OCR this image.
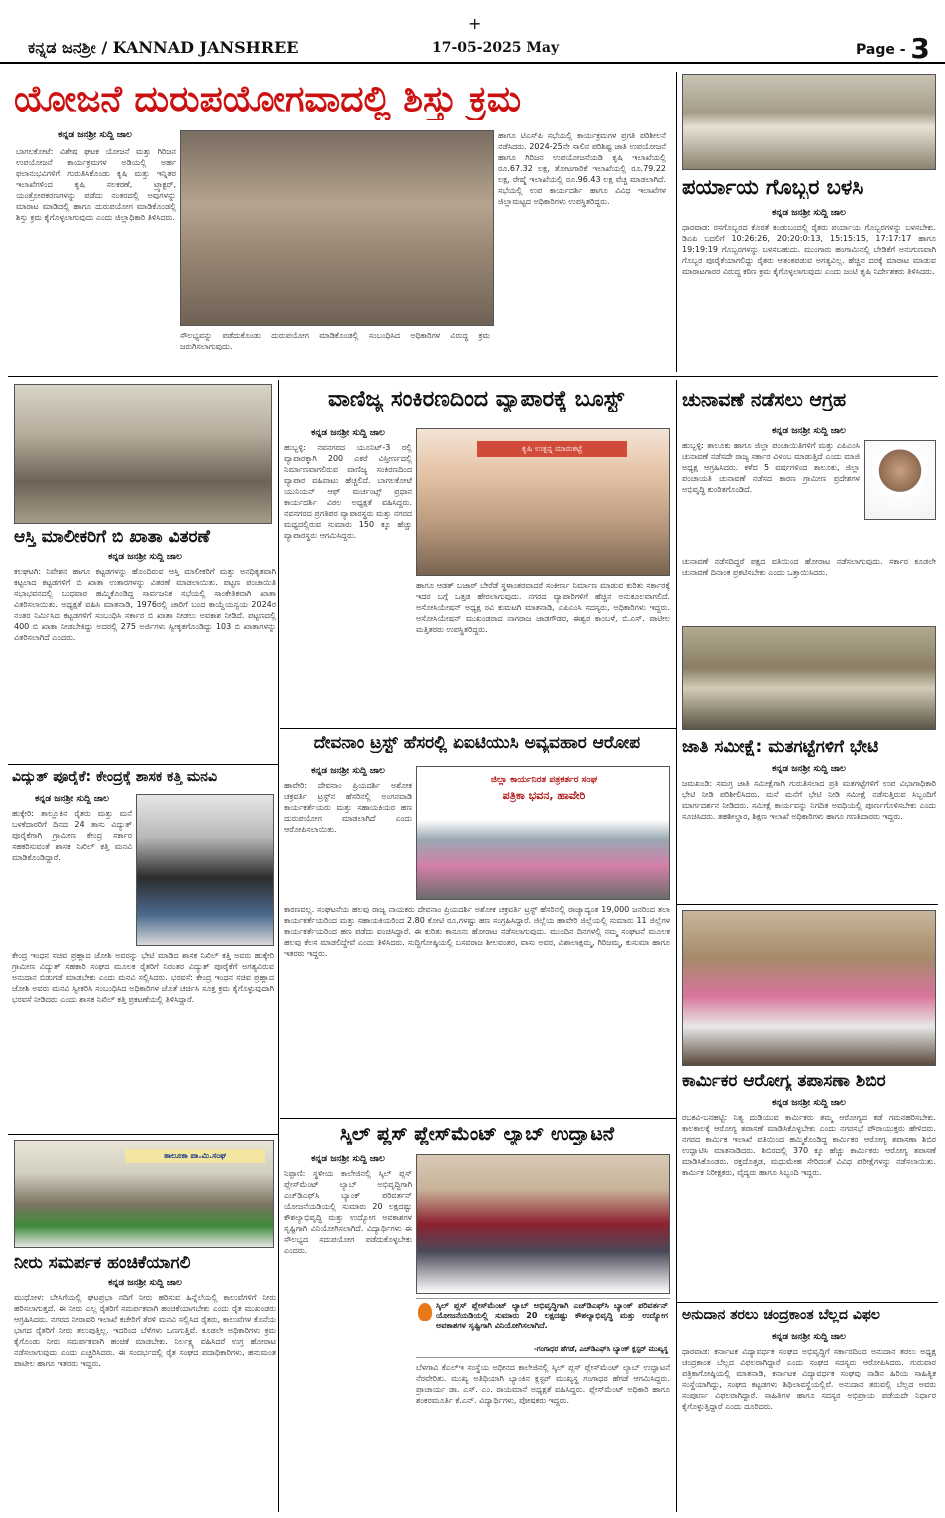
+
ಕನ್ನಡ ಜನಶ್ರೀ / KANNAD JANSHREE	17-05-2025 May	Page - 3
ಯೋಜನೆ ದುರುಪಯೋಗವಾದಲ್ಲಿ ಶಿಸ್ತು ಕ್ರಮ
ಕನ್ನಡ ಜನಶ್ರೀ ಸುದ್ದಿ ಜಾಲ
ಬಾಗಲಕೋಟೆ: ವಿಶೇಷ ಘಟಕ ಯೋಜನೆ ಮತ್ತು ಗಿರಿಜನ ಉಪಯೋಜನೆ ಕಾರ್ಯಕ್ರಮಗಳ ಅಡಿಯಲ್ಲಿ ಅರ್ಹ ಫಲಾನುಭವಿಗಳಿಗೆ ಗುರುತಿಸಿಕೊಂಡು ಕೃಷಿ ಮತ್ತು ಇನ್ನಿತರ ಇಲಾಖೆಗಳಿಂದ ಕೃಷಿ ಸಲಕರಣೆ, ಟ್ರ್ಯಾಕ್ಟರ್, ಯಂತ್ರೋಪಕರಣಗಳನ್ನು ಪಡೆದು ನಂತರದಲ್ಲಿ ಅವುಗಳನ್ನು ಮಾರಾಟ ಮಾಡಿದಲ್ಲಿ ಹಾಗೂ ದುರುಪಯೋಗ ಮಾಡಿಕೊಂಡಲ್ಲಿ ಶಿಸ್ತು ಕ್ರಮ ಕೈಗೊಳ್ಳಲಾಗುವುದು ಎಂದು ಜಿಲ್ಲಾಧಿಕಾರಿ ತಿಳಿಸಿದರು.
ಸೌಲಭ್ಯವನ್ನು ಪಡೆದುಕೊಂಡು ದುರುಪಯೋಗ ಮಾಡಿಕೊಂಡಲ್ಲಿ ಸಂಬಂಧಿಸಿದ ಅಧಿಕಾರಿಗಳ ವಿರುದ್ಧ ಕ್ರಮ ಜರುಗಿಸಲಾಗುವುದು.
ಹಾಗೂ ಟಿಎಸ್‌ಪಿ ಸಭೆಯಲ್ಲಿ ಕಾರ್ಯಕ್ರಮಗಳ ಪ್ರಗತಿ ಪರಿಶೀಲನೆ ನಡೆಸಿದರು. 2024-25ನೇ ಸಾಲಿನ ಪರಿಶಿಷ್ಟ ಜಾತಿ ಉಪಯೋಜನೆ ಹಾಗೂ ಗಿರಿಜನ ಉಪಯೋಜನೆಯಡಿ ಕೃಷಿ ಇಲಾಖೆಯಲ್ಲಿ ರೂ.67.32 ಲಕ್ಷ, ತೋಟಗಾರಿಕೆ ಇಲಾಖೆಯಲ್ಲಿ ರೂ.79.22 ಲಕ್ಷ, ರೇಷ್ಮೆ ಇಲಾಖೆಯಲ್ಲಿ ರೂ.96.43 ಲಕ್ಷ ವೆಚ್ಚ ಮಾಡಲಾಗಿದೆ. ಸಭೆಯಲ್ಲಿ ಉಪ ಕಾರ್ಯದರ್ಶಿ ಹಾಗೂ ವಿವಿಧ ಇಲಾಖೆಗಳ ಜಿಲ್ಲಾಮಟ್ಟದ ಅಧಿಕಾರಿಗಳು ಉಪಸ್ಥಿತರಿದ್ದರು.
ಪರ್ಯಾಯ ಗೊಬ್ಬರ ಬಳಸಿ
ಕನ್ನಡ ಜನಶ್ರೀ ಸುದ್ದಿ ಜಾಲ
ಧಾರವಾಡ: ರಸಗೊಬ್ಬರದ ಕೊರತೆ ಕಂಡುಬಂದಲ್ಲಿ ರೈತರು ಪರ್ಯಾಯ ಗೊಬ್ಬರಗಳನ್ನು ಬಳಸಬೇಕು. ಡಿಎಪಿ ಬದಲಿಗೆ 10:26:26, 20:20:0:13, 15:15:15, 17:17:17 ಹಾಗೂ 19:19:19 ಗೊಬ್ಬರಗಳನ್ನು ಬಳಸಬಹುದು. ಮುಂಗಾರು ಹಂಗಾಮಿನಲ್ಲಿ ಬೇಡಿಕೆಗೆ ಅನುಗುಣವಾಗಿ ಗೊಬ್ಬರ ಪೂರೈಕೆಯಾಗಲಿದ್ದು ರೈತರು ಆತಂಕಪಡುವ ಅಗತ್ಯವಿಲ್ಲ. ಹೆಚ್ಚಿನ ದರಕ್ಕೆ ಮಾರಾಟ ಮಾಡುವ ಮಾರಾಟಗಾರರ ವಿರುದ್ಧ ಕಠಿಣ ಕ್ರಮ ಕೈಗೊಳ್ಳಲಾಗುವುದು ಎಂದು ಜಂಟಿ ಕೃಷಿ ನಿರ್ದೇಶಕರು ತಿಳಿಸಿದರು.
ಆಸ್ತಿ ಮಾಲೀಕರಿಗೆ ಬಿ ಖಾತಾ ವಿತರಣೆ
ಕನ್ನಡ ಜನಶ್ರೀ ಸುದ್ದಿ ಜಾಲ
ಕಲಘಟಗಿ: ನಿವೇಶನ ಹಾಗೂ ಕಟ್ಟಡಗಳನ್ನು ಹೊಂದಿರುವ ಆಸ್ತಿ ಮಾಲೀಕರಿಗೆ ಮತ್ತು ಅನಧಿಕೃತವಾಗಿ ಕಟ್ಟಲಾದ ಕಟ್ಟಡಗಳಿಗೆ ಬಿ ಖಾತಾ ಉತಾರಗಳನ್ನು ವಿತರಣೆ ಮಾಡಲಾಯಿತು. ಪಟ್ಟಣ ಪಂಚಾಯಿತಿ ಸಭಾಭವನದಲ್ಲಿ ಬುಧವಾರ ಹಮ್ಮಿಕೊಂಡಿದ್ದ ಸಾರ್ವಜನಿಕ ಸಭೆಯಲ್ಲಿ ಸಾಂಕೇತಿಕವಾಗಿ ಖಾತಾ ವಿತರಿಸಲಾಯಿತು. ಅಧ್ಯಕ್ಷತೆ ವಹಿಸಿ ಮಾತನಾಡಿ, 1976ರಲ್ಲಿ ಜಾರಿಗೆ ಬಂದ ಕಾಯ್ದೆಯನ್ವಯ 2024ರ ನಂತರ ನಿರ್ಮಿಸಿದ ಕಟ್ಟಡಗಳಿಗೆ ಸಂಬಂಧಿಸಿ ಸರ್ಕಾರ ಬಿ ಖಾತಾ ನೀಡಲು ಅವಕಾಶ ನೀಡಿದೆ. ಪಟ್ಟಣದಲ್ಲಿ 400 ಬಿ ಖಾತಾ ನೀಡಬೇಕಿದ್ದು ಅದರಲ್ಲಿ 275 ಅರ್ಜಿಗಳು ಸ್ವೀಕೃತಗೊಂಡಿದ್ದು 103 ಬಿ ಖಾತಾಗಳನ್ನು ವಿತರಿಸಲಾಗಿದೆ ಎಂದರು.
ವಾಣಿಜ್ಯ ಸಂಕಿರಣದಿಂದ ವ್ಯಾಪಾರಕ್ಕೆ ಬೂಸ್ಟ್
ಕನ್ನಡ ಜನಶ್ರೀ ಸುದ್ದಿ ಜಾಲ
ಹುಬ್ಬಳ್ಳಿ: ನವನಗರದ ಯೂನಿಟ್-3 ರಲ್ಲಿ ವ್ಯಾಪಾರಕ್ಕಾಗಿ 200 ಎಕರೆ ವಿಸ್ತೀರ್ಣದಲ್ಲಿ ನಿರ್ಮಾಣವಾಗಲಿರುವ ವಾಣಿಜ್ಯ ಸಂಕಿರಣದಿಂದ ವ್ಯಾಪಾರ ವಹಿವಾಟು ಹೆಚ್ಚಲಿದೆ. ಬಾಗಲಕೋಟೆ ಯುನಿಯನ್ ಆಫ್ ಮರ್ಚಂಟ್ಸ್ ಪ್ರಧಾನ ಕಾರ್ಯದರ್ಶಿ ವಿಠಲ ಅಧ್ಯಕ್ಷತೆ ವಹಿಸಿದ್ದರು. ನವನಗರದ ಪ್ರಗತಿಪರ ವ್ಯಾಪಾರಸ್ಥರು ಮತ್ತು ನಗರದ ಮಧ್ಯದಲ್ಲಿರುವ ಸುಮಾರು 150 ಕ್ಕೂ ಹೆಚ್ಚು ವ್ಯಾಪಾರಸ್ಥರು ಆಗಮಿಸಿದ್ದರು.
ಕೃಷಿ ಉತ್ಪನ್ನ ಮಾರುಕಟ್ಟೆ
ಹಾಗೂ ಆಡತ್ ಬಜಾರ್ ಬೇರೆಡೆ ಸ್ಥಳಾಂತರವಾದರೆ ಸಂಕೀರ್ಣ ನಿರ್ಮಾಣ ಮಾಡುವ ಕುರಿತು ಸರ್ಕಾರಕ್ಕೆ ಇದರ ಬಗ್ಗೆ ಒತ್ತಡ ಹೇರಲಾಗುವುದು. ನಗರದ ವ್ಯಾಪಾರಿಗಳಿಗೆ ಹೆಚ್ಚಿನ ಅನುಕೂಲವಾಗಲಿದೆ. ಅಸೋಸಿಯೇಷನ್ ಅಧ್ಯಕ್ಷ ರವಿ ಕುಮಟಗಿ ಮಾತನಾಡಿ, ಎಪಿಎಂಸಿ ಸದಸ್ಯರು, ಅಧಿಕಾರಿಗಳು ಇದ್ದರು. ಅಸೋಸಿಯೇಷನ್ ಮುಖಂಡರಾದ ನಾಗರಾಜ ಜಾಡಗೌಡರ, ಈಶ್ವರ ಕಾಂಬಳೆ, ಬಿ.ಎಸ್. ಪಾಟೀಲ ಮತ್ತಿತರರು ಉಪಸ್ಥಿತರಿದ್ದರು.
ಚುನಾವಣೆ ನಡೆಸಲು ಆಗ್ರಹ
ಕನ್ನಡ ಜನಶ್ರೀ ಸುದ್ದಿ ಜಾಲ
ಹುಬ್ಬಳ್ಳಿ: ತಾಲೂಕು ಹಾಗೂ ಜಿಲ್ಲಾ ಪಂಚಾಯಿತಿಗಳಿಗೆ ಮತ್ತು ಎಪಿಎಂಸಿ ಚುನಾವಣೆ ನಡೆಸದೇ ರಾಜ್ಯ ಸರ್ಕಾರ ವಿಳಂಬ ಮಾಡುತ್ತಿದೆ ಎಂದು ಮಾಜಿ ಅಧ್ಯಕ್ಷ ಆಗ್ರಹಿಸಿದರು. ಕಳೆದ 5 ವರ್ಷಗಳಿಂದ ತಾಲೂಕು, ಜಿಲ್ಲಾ ಪಂಚಾಯತಿ ಚುನಾವಣೆ ನಡೆಸದ ಕಾರಣ ಗ್ರಾಮೀಣ ಪ್ರದೇಶಗಳ ಅಭಿವೃದ್ಧಿ ಕುಂಠಿತಗೊಂಡಿದೆ.
ಚುನಾವಣೆ ನಡೆಸದಿದ್ದರೆ ಪಕ್ಷದ ವತಿಯಿಂದ ಹೋರಾಟ ನಡೆಸಲಾಗುವುದು. ಸರ್ಕಾರ ಕೂಡಲೇ ಚುನಾವಣೆ ದಿನಾಂಕ ಪ್ರಕಟಿಸಬೇಕು ಎಂದು ಒತ್ತಾಯಿಸಿದರು.
ಜಾತಿ ಸಮೀಕ್ಷೆ: ಮತಗಟ್ಟೆಗಳಿಗೆ ಭೇಟಿ
ಕನ್ನಡ ಜನಶ್ರೀ ಸುದ್ದಿ ಜಾಲ
ಜಮಖಂಡಿ: ಸಮಗ್ರ ಜಾತಿ ಸಮೀಕ್ಷೆಗಾಗಿ ಗುರುತಿಸಲಾದ ಪ್ರತಿ ಮತಗಟ್ಟೆಗಳಿಗೆ ಉಪ ವಿಭಾಗಾಧಿಕಾರಿ ಭೇಟಿ ನೀಡಿ ಪರಿಶೀಲಿಸಿದರು. ಮನೆ ಮನೆಗೆ ಭೇಟಿ ನೀಡಿ ಸಮೀಕ್ಷೆ ನಡೆಸುತ್ತಿರುವ ಸಿಬ್ಬಂದಿಗೆ ಮಾರ್ಗದರ್ಶನ ನೀಡಿದರು. ಸಮೀಕ್ಷೆ ಕಾರ್ಯವನ್ನು ನಿಗದಿತ ಅವಧಿಯಲ್ಲಿ ಪೂರ್ಣಗೊಳಿಸಬೇಕು ಎಂದು ಸೂಚಿಸಿದರು. ತಹಶೀಲ್ದಾರ, ಶಿಕ್ಷಣ ಇಲಾಖೆ ಅಧಿಕಾರಿಗಳು ಹಾಗೂ ಗಣತಿದಾರರು ಇದ್ದರು.
ವಿದ್ಯುತ್ ಪೂರೈಕೆ: ಕೇಂದ್ರಕ್ಕೆ ಶಾಸಕ ಕತ್ತಿ ಮನವಿ
ಕನ್ನಡ ಜನಶ್ರೀ ಸುದ್ದಿ ಜಾಲ
ಹುಕ್ಕೇರಿ: ತಾಲ್ಲೂಕಿನ ರೈತರು ಮತ್ತು ಮನೆ ಬಳಕೆದಾರರಿಗೆ ದಿನದ 24 ತಾಸು ವಿದ್ಯುತ್ ಪೂರೈಕೆಗಾಗಿ ಗ್ರಾಮೀಣ ಕೇಂದ್ರ ಸರ್ಕಾರ ಸಹಕರಿಸುವಂತೆ ಶಾಸಕ ನಿಖಿಲ್ ಕತ್ತಿ ಮನವಿ ಮಾಡಿಕೊಂಡಿದ್ದಾರೆ.
ಕೇಂದ್ರ ಇಂಧನ ಸಚಿವ ಪ್ರಹ್ಲಾದ ಜೋಶಿ ಅವರನ್ನು ಭೇಟಿ ಮಾಡಿದ ಶಾಸಕ ನಿಖಿಲ್ ಕತ್ತಿ ಅವರು ಹುಕ್ಕೇರಿ ಗ್ರಾಮೀಣ ವಿದ್ಯುತ್ ಸಹಕಾರಿ ಸಂಘದ ಮೂಲಕ ರೈತರಿಗೆ ನಿರಂತರ ವಿದ್ಯುತ್ ಪೂರೈಕೆಗೆ ಅಗತ್ಯವಿರುವ ಅನುದಾನ ಬಿಡುಗಡೆ ಮಾಡಬೇಕು ಎಂದು ಮನವಿ ಸಲ್ಲಿಸಿದರು. ಭರವಸೆ: ಕೇಂದ್ರ ಇಂಧನ ಸಚಿವ ಪ್ರಹ್ಲಾದ ಜೋಶಿ ಅವರು ಮನವಿ ಸ್ವೀಕರಿಸಿ ಸಂಬಂಧಿಸಿದ ಅಧಿಕಾರಿಗಳ ಜೊತೆ ಚರ್ಚಿಸಿ ಸೂಕ್ತ ಕ್ರಮ ಕೈಗೊಳ್ಳುವುದಾಗಿ ಭರವಸೆ ನೀಡಿದರು ಎಂದು ಶಾಸಕ ನಿಖಿಲ್ ಕತ್ತಿ ಪ್ರಕಟಣೆಯಲ್ಲಿ ತಿಳಿಸಿದ್ದಾರೆ.
ದೇವನಾಂ ಟ್ರಸ್ಟ್ ಹೆಸರಲ್ಲಿ ಏಐಟಿಯುಸಿ ಅವ್ಯವಹಾರ ಆರೋಪ
ಕನ್ನಡ ಜನಶ್ರೀ ಸುದ್ದಿ ಜಾಲ
ಹಾವೇರಿ: ದೇವನಾಂ ಪ್ರಿಯದರ್ಶಿ ಅಶೋಕ ಚಕ್ರವರ್ತಿ ಟ್ರಸ್ಟ್‌ನ ಹೆಸರಿನಲ್ಲಿ ಅಂಗನವಾಡಿ ಕಾರ್ಯಕರ್ತೆಯರು ಮತ್ತು ಸಹಾಯಕಿಯರ ಹಣ ದುರುಪಯೋಗ ಮಾಡಲಾಗಿದೆ ಎಂದು ಆರೋಪಿಸಲಾಯಿತು.
ಜಿಲ್ಲಾ ಕಾರ್ಯನಿರತ ಪತ್ರಕರ್ತರ ಸಂಘ
ಪತ್ರಿಕಾ ಭವನ, ಹಾವೇರಿ
ಕಾರಣವಲ್ಲ. ಸಂಘಟನೆಯ ಹಲವು ರಾಜ್ಯ ನಾಯಕರು ದೇವನಾಂ ಪ್ರಿಯದರ್ಶಿ ಅಶೋಕ ಚಕ್ರವರ್ತಿ ಟ್ರಸ್ಟ್ ಹೆಸರಿನಲ್ಲಿ ರಾಜ್ಯಾದ್ಯಂತ 19,000 ಜನರಿಂದ ತಲಾ ಕಾರ್ಯಕರ್ತೆಯರಿಂದ ಮತ್ತು ಸಹಾಯಕಿಯರಿಂದ 2.80 ಕೋಟಿ ರೂ.ಗಳಷ್ಟು ಹಣ ಸಂಗ್ರಹಿಸಿದ್ದಾರೆ. ಜಿಲ್ಲೆಯ ಹಾವೇರಿ ಜಿಲ್ಲೆಯಲ್ಲಿ ಸುಮಾರು 11 ಜಿಲ್ಲೆಗಳ ಕಾರ್ಯಕರ್ತೆಯರಿಂದ ಹಣ ಪಡೆದು ವಂಚಿಸಿದ್ದಾರೆ. ಈ ಕುರಿತು ಕಾನೂನು ಹೋರಾಟ ನಡೆಸಲಾಗುವುದು. ಮುಂದಿನ ದಿನಗಳಲ್ಲಿ ನಮ್ಮ ಸಂಘಟನೆ ಮೂಲಕ ಹಲವು ಕೆಲಸ ಮಾಡಲಿದ್ದೇವೆ ಎಂದು ತಿಳಿಸಿದರು. ಸುದ್ದಿಗೋಷ್ಠಿಯಲ್ಲಿ ಬಸವರಾಜ ಶೀಲವಂತರ, ವಾಸು ಅವರ, ವಿಶಾಲಾಕ್ಷಮ್ಮ, ಗಿರಿಜಮ್ಮ, ಕುಸುಮಾ ಹಾಗೂ ಇತರರು ಇದ್ದರು.
ಸ್ಕಿಲ್ ಪ್ಲಸ್ ಪ್ಲೇಸ್‌ಮೆಂಟ್ ಲ್ಯಾಬ್ ಉದ್ಘಾಟನೆ
ಕನ್ನಡ ಜನಶ್ರೀ ಸುದ್ದಿ ಜಾಲ
ನಿಪ್ಪಾಣಿ: ಸ್ಥಳೀಯ ಕಾಲೇಜಿನಲ್ಲಿ ಸ್ಕಿಲ್ ಪ್ಲಸ್ ಪ್ಲೇಸ್‌ಮೆಂಟ್ ಲ್ಯಾಬ್ ಅಭಿವೃದ್ಧಿಗಾಗಿ ಎಚ್‌ಡಿಎಫ್‌ಸಿ ಬ್ಯಾಂಕ್ ಪರಿವರ್ತನ್ ಯೋಜನೆಯಡಿಯಲ್ಲಿ ಸುಮಾರು 20 ಲಕ್ಷದಷ್ಟು ಕೌಶಲ್ಯಾಭಿವೃದ್ಧಿ ಮತ್ತು ಉದ್ಯೋಗ ಅವಕಾಶಗಳ ಸೃಷ್ಟಿಗಾಗಿ ವಿನಿಯೋಗಿಸಲಾಗಿದೆ. ವಿದ್ಯಾರ್ಥಿಗಳು ಈ ಸೌಲಭ್ಯದ ಸದುಪಯೋಗ ಪಡೆದುಕೊಳ್ಳಬೇಕು ಎಂದರು.
ಸ್ಕಿಲ್ ಪ್ಲಸ್ ಪ್ಲೇಸ್‌ಮೆಂಟ್ ಲ್ಯಾಬ್ ಅಭಿವೃದ್ಧಿಗಾಗಿ ಎಚ್‌ಡಿಎಫ್‌ಸಿ ಬ್ಯಾಂಕ್ ಪರಿವರ್ತನ್ ಯೋಜನೆಯಡಿಯಲ್ಲಿ ಸುಮಾರು 20 ಲಕ್ಷದಷ್ಟು ಕೌಶಲ್ಯಾಭಿವೃದ್ಧಿ ಮತ್ತು ಉದ್ಯೋಗ ಅವಕಾಶಗಳ ಸೃಷ್ಟಿಗಾಗಿ ವಿನಿಯೋಗಿಸಲಾಗಿದೆ.
-ಗಂಗಾಧರ ಹೆಗಡೆ, ಎಚ್‌ಡಿಎಫ್‌ಸಿ ಬ್ಯಾಂಕ್ ಕ್ಲಸ್ಟರ್ ಮುಖ್ಯಸ್ಥ
ಬೆಳಗಾವಿ ಕೆಎಲ್‌ಇ ಸಂಸ್ಥೆಯ ಅಧೀನದ ಕಾಲೇಜಿನಲ್ಲಿ ಸ್ಕಿಲ್ ಪ್ಲಸ್ ಪ್ಲೇಸ್‌ಮೆಂಟ್ ಲ್ಯಾಬ್ ಉದ್ಘಾಟನೆ ನೆರವೇರಿತು. ಮುಖ್ಯ ಅತಿಥಿಯಾಗಿ ಬ್ಯಾಂಕಿನ ಕ್ಲಸ್ಟರ್ ಮುಖ್ಯಸ್ಥ ಗಂಗಾಧರ ಹೆಗಡೆ ಆಗಮಿಸಿದ್ದರು. ಪ್ರಾಚಾರ್ಯ ಡಾ. ಎಸ್. ಎಂ. ರಾಯಮಾನೆ ಅಧ್ಯಕ್ಷತೆ ವಹಿಸಿದ್ದರು. ಪ್ಲೇಸ್‌ಮೆಂಟ್ ಅಧಿಕಾರಿ ಹಾಗೂ ಶಂಕರಮೂರ್ತಿ ಕೆ.ಎನ್. ವಿದ್ಯಾರ್ಥಿಗಳು, ಪೋಷಕರು ಇದ್ದರು.
ತಾಲೂಕಾ ಪಾ.ಮಿ.ಸಂಘ
ನೀರು ಸಮರ್ಪಕ ಹಂಚಿಕೆಯಾಗಲಿ
ಕನ್ನಡ ಜನಶ್ರೀ ಸುದ್ದಿ ಜಾಲ
ಮುಧೋಳ: ಬೇಸಿಗೆಯಲ್ಲಿ ಘಟಪ್ರಭಾ ನದಿಗೆ ನೀರು ಹರಿಸುವ ಹಿನ್ನೆಲೆಯಲ್ಲಿ ಕಾಲುವೆಗಳಿಗೆ ನೀರು ಹರಿಸಲಾಗುತ್ತದೆ. ಈ ನೀರು ಎಲ್ಲ ರೈತರಿಗೆ ಸಮರ್ಪಕವಾಗಿ ಹಂಚಿಕೆಯಾಗಬೇಕು ಎಂದು ರೈತ ಮುಖಂಡರು ಆಗ್ರಹಿಸಿದರು. ನಗರದ ನೀರಾವರಿ ಇಲಾಖೆ ಕಚೇರಿಗೆ ತೆರಳಿ ಮನವಿ ಸಲ್ಲಿಸಿದ ರೈತರು, ಕಾಲುವೆಗಳ ಕೊನೆಯ ಭಾಗದ ರೈತರಿಗೆ ನೀರು ತಲುಪುತ್ತಿಲ್ಲ. ಇದರಿಂದ ಬೆಳೆಗಳು ಒಣಗುತ್ತಿವೆ. ಕೂಡಲೇ ಅಧಿಕಾರಿಗಳು ಕ್ರಮ ಕೈಗೊಂಡು ನೀರು ಸಮರ್ಪಕವಾಗಿ ಹಂಚಿಕೆ ಮಾಡಬೇಕು. ನಿರ್ಲಕ್ಷ್ಯ ವಹಿಸಿದರೆ ಉಗ್ರ ಹೋರಾಟ ನಡೆಸಲಾಗುವುದು ಎಂದು ಎಚ್ಚರಿಸಿದರು. ಈ ಸಂದರ್ಭದಲ್ಲಿ ರೈತ ಸಂಘದ ಪದಾಧಿಕಾರಿಗಳು, ಹನುಮಂತ ಪಾಟೀಲ ಹಾಗೂ ಇತರರು ಇದ್ದರು.
ಕಾರ್ಮಿಕರ ಆರೋಗ್ಯ ತಪಾಸಣಾ ಶಿಬಿರ
ಕನ್ನಡ ಜನಶ್ರೀ ಸುದ್ದಿ ಜಾಲ
ರಬಕವಿ-ಬನಹಟ್ಟಿ: ನಿತ್ಯ ದುಡಿಯುವ ಕಾರ್ಮಿಕರು ತಮ್ಮ ಆರೋಗ್ಯದ ಕಡೆ ಗಮನಹರಿಸಬೇಕು. ಕಾಲಕಾಲಕ್ಕೆ ಆರೋಗ್ಯ ತಪಾಸಣೆ ಮಾಡಿಸಿಕೊಳ್ಳಬೇಕು ಎಂದು ನಗರಸಭೆ ಪೌರಾಯುಕ್ತರು ಹೇಳಿದರು. ನಗರದ ಕಾರ್ಮಿಕ ಇಲಾಖೆ ವತಿಯಿಂದ ಹಮ್ಮಿಕೊಂಡಿದ್ದ ಕಾರ್ಮಿಕರ ಆರೋಗ್ಯ ತಪಾಸಣಾ ಶಿಬಿರ ಉದ್ಘಾಟಿಸಿ ಮಾತನಾಡಿದರು. ಶಿಬಿರದಲ್ಲಿ 370 ಕ್ಕೂ ಹೆಚ್ಚು ಕಾರ್ಮಿಕರು ಆರೋಗ್ಯ ತಪಾಸಣೆ ಮಾಡಿಸಿಕೊಂಡರು. ರಕ್ತದೊತ್ತಡ, ಮಧುಮೇಹ ಸೇರಿದಂತೆ ವಿವಿಧ ಪರೀಕ್ಷೆಗಳನ್ನು ನಡೆಸಲಾಯಿತು. ಕಾರ್ಮಿಕ ನಿರೀಕ್ಷಕರು, ವೈದ್ಯರು ಹಾಗೂ ಸಿಬ್ಬಂದಿ ಇದ್ದರು.
ಅನುದಾನ ತರಲು ಚಂದ್ರಕಾಂತ ಬೆಲ್ಲದ ವಿಫಲ
ಕನ್ನಡ ಜನಶ್ರೀ ಸುದ್ದಿ ಜಾಲ
ಧಾರವಾಡ: ಕರ್ನಾಟಕ ವಿದ್ಯಾವರ್ಧಕ ಸಂಘದ ಅಭಿವೃದ್ಧಿಗೆ ಸರ್ಕಾರದಿಂದ ಅನುದಾನ ತರಲು ಅಧ್ಯಕ್ಷ ಚಂದ್ರಕಾಂತ ಬೆಲ್ಲದ ವಿಫಲರಾಗಿದ್ದಾರೆ ಎಂದು ಸಂಘದ ಸದಸ್ಯರು ಆರೋಪಿಸಿದರು. ಗುರುವಾರ ಪತ್ರಿಕಾಗೋಷ್ಠಿಯಲ್ಲಿ ಮಾತನಾಡಿ, ಕರ್ನಾಟಕ ವಿದ್ಯಾವರ್ಧಕ ಸಂಘವು ನಾಡಿನ ಹಿರಿಯ ಸಾಹಿತ್ಯಿಕ ಸಂಸ್ಥೆಯಾಗಿದ್ದು, ಸಂಘದ ಕಟ್ಟಡಗಳು ಶಿಥಿಲಾವಸ್ಥೆಯಲ್ಲಿವೆ. ಅನುದಾನ ತರುವಲ್ಲಿ ಬೆಲ್ಲದ ಅವರು ಸಂಪೂರ್ಣ ವಿಫಲರಾಗಿದ್ದಾರೆ. ಸಾಹಿತಿಗಳ ಹಾಗೂ ಸದಸ್ಯರ ಅಭಿಪ್ರಾಯ ಪಡೆಯದೇ ನಿರ್ಧಾರ ಕೈಗೊಳ್ಳುತ್ತಿದ್ದಾರೆ ಎಂದು ದೂರಿದರು.
